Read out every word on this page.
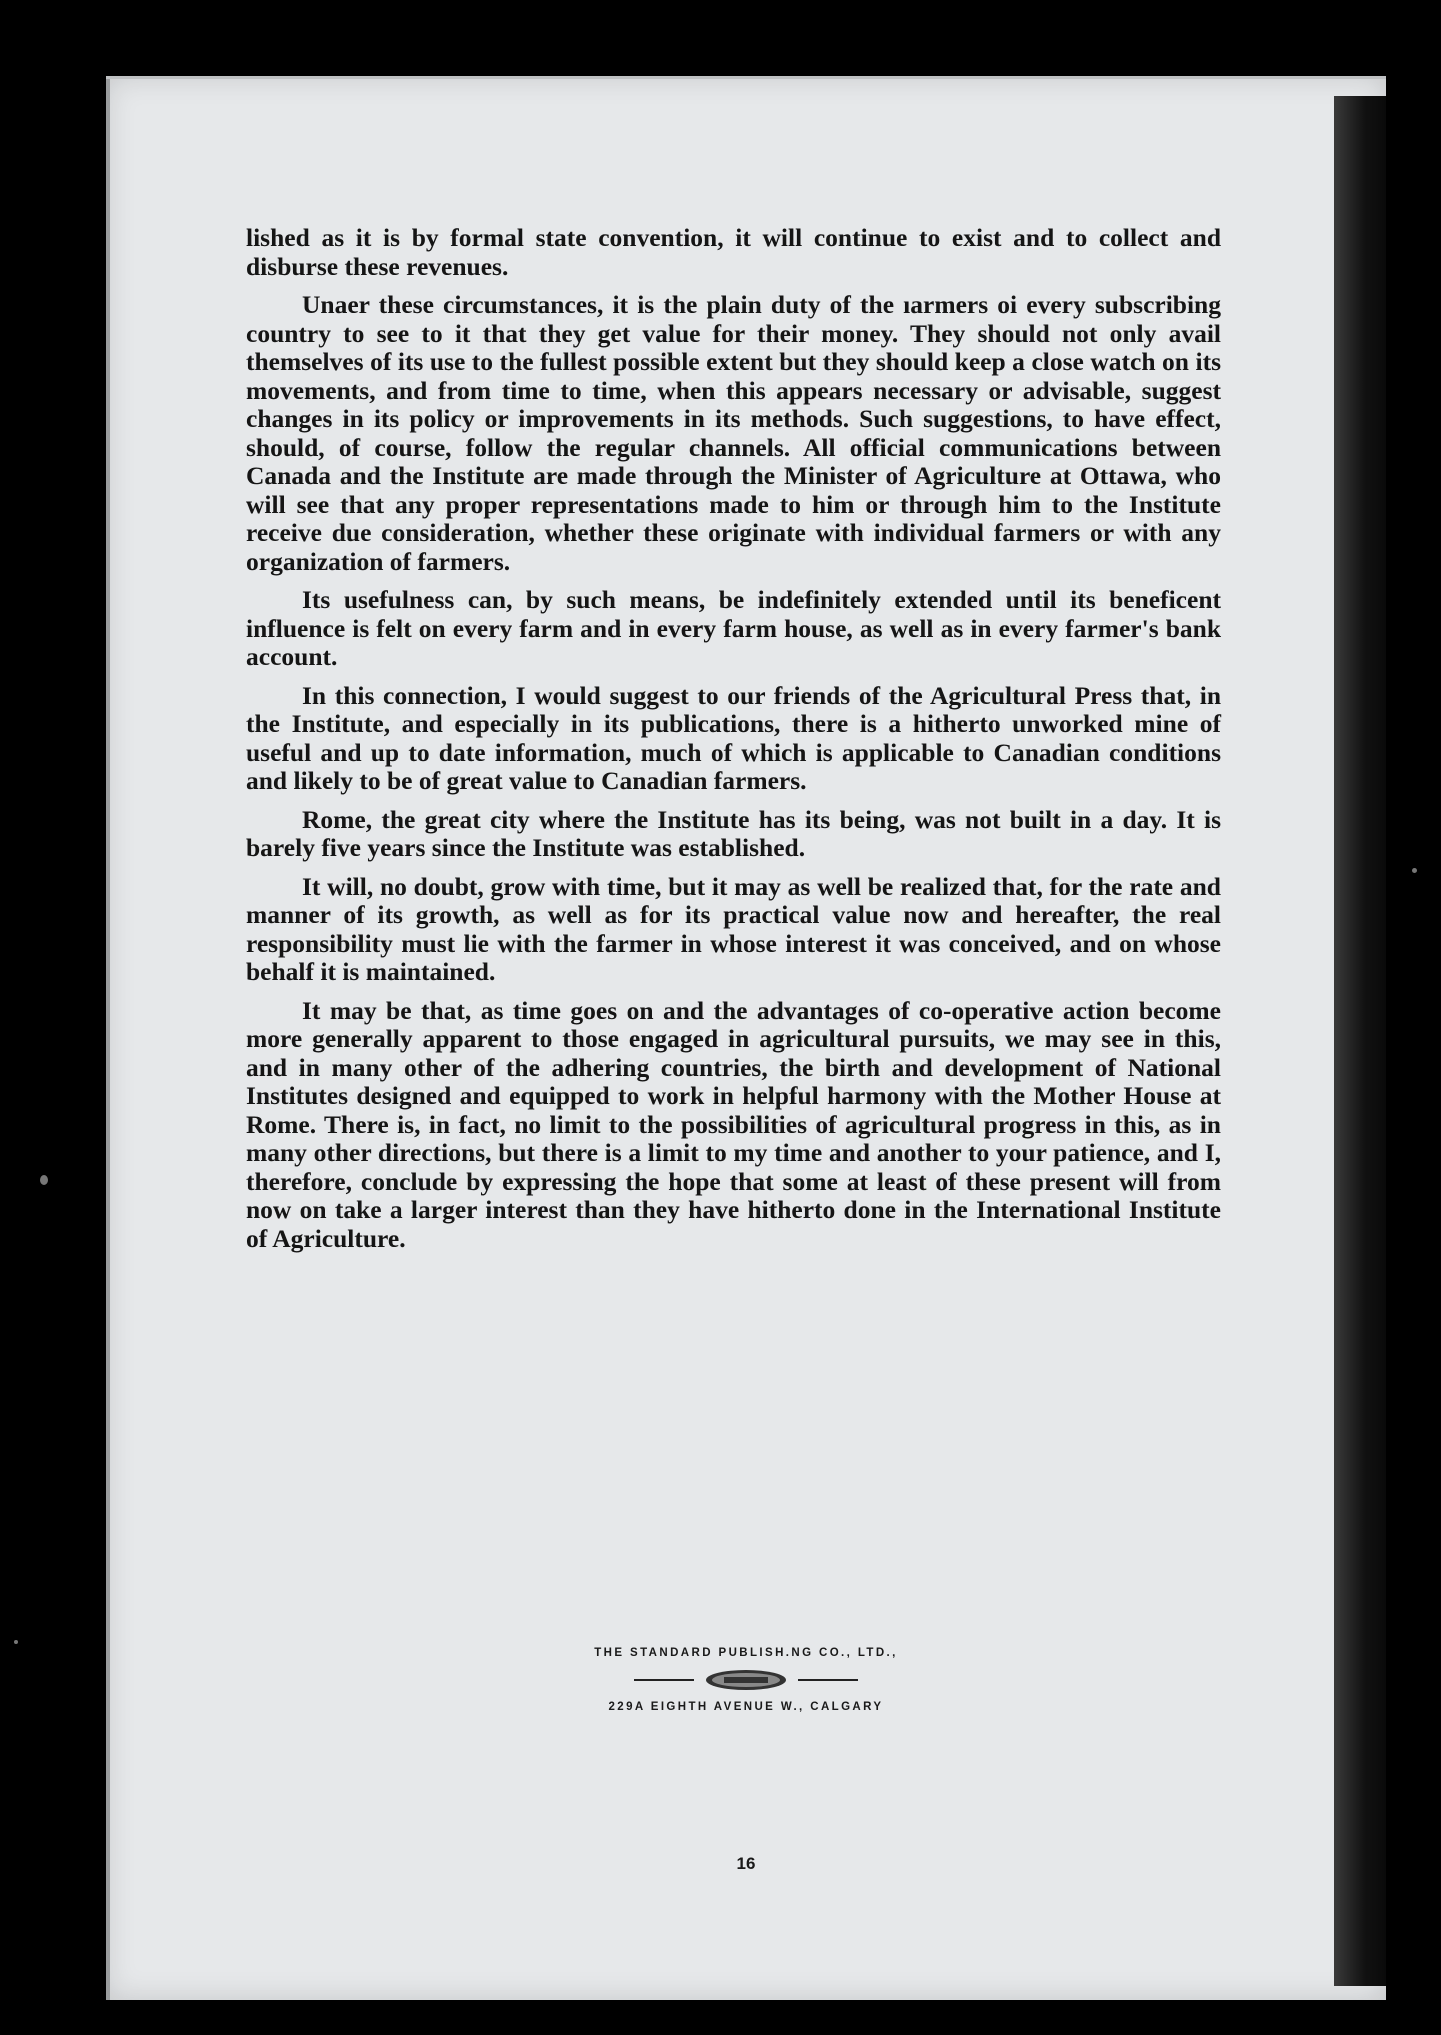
lished as it is by formal state convention, it will continue to exist and to collect and disburse these revenues.

Unaer these circumstances, it is the plain duty of the ıarmers oi every subscribing country to see to it that they get value for their money. They should not only avail themselves of its use to the fullest possible extent but they should keep a close watch on its movements, and from time to time, when this appears necessary or advisable, suggest changes in its policy or improvements in its methods. Such suggestions, to have effect, should, of course, follow the regular channels. All official communications between Canada and the Institute are made through the Minister of Agriculture at Ottawa, who will see that any proper representations made to him or through him to the Institute receive due consideration, whether these originate with individual farmers or with any organization of farmers.

Its usefulness can, by such means, be indefinitely extended until its beneficent influence is felt on every farm and in every farm house, as well as in every farmer's bank account.

In this connection, I would suggest to our friends of the Agricultural Press that, in the Institute, and especially in its publications, there is a hitherto unworked mine of useful and up to date information, much of which is applicable to Canadian conditions and likely to be of great value to Canadian farmers.

Rome, the great city where the Institute has its being, was not built in a day. It is barely five years since the Institute was established.

It will, no doubt, grow with time, but it may as well be realized that, for the rate and manner of its growth, as well as for its practical value now and hereafter, the real responsibility must lie with the farmer in whose interest it was conceived, and on whose behalf it is maintained.

It may be that, as time goes on and the advantages of co-operative action become more generally apparent to those engaged in agricultural pursuits, we may see in this, and in many other of the adhering countries, the birth and development of National Institutes designed and equipped to work in helpful harmony with the Mother House at Rome. There is, in fact, no limit to the possibilities of agricultural progress in this, as in many other directions, but there is a limit to my time and another to your patience, and I, therefore, conclude by expressing the hope that some at least of these present will from now on take a larger interest than they have hitherto done in the International Institute of Agriculture.

THE STANDARD PUBLISH.NG CO., LTD.,

229A EIGHTH AVENUE W., CALGARY

16
